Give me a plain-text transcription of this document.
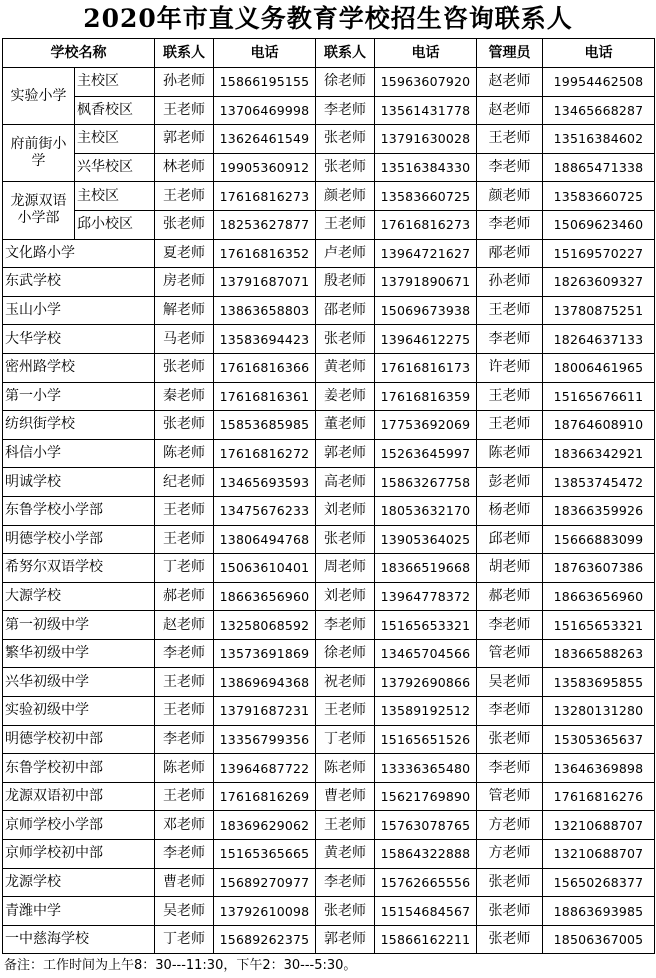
2020年市直义务教育学校招生咨询联系人
学校名称		联系人	电话	联系人	电话	管理员	电话
实验小学	主校区	孙老师	15866195155	徐老师	15963607920	赵老师	19954462508
	枫香校区	王老师	13706469998	李老师	13561431778	赵老师	13465668287
府前街小学	主校区	郭老师	13626461549	张老师	13791630028	王老师	13516384602
	兴华校区	林老师	19905360912	张老师	13516384330	李老师	18865471338
龙源双语小学部	主校区	王老师	17616816273	颜老师	13583660725	颜老师	13583660725
	邱小校区	张老师	18253627877	王老师	17616816273	李老师	15069623460
文化路小学		夏老师	17616816352	卢老师	13964721627	邴老师	15169570227
东武学校		房老师	13791687071	殷老师	13791890671	孙老师	18263609327
玉山小学		解老师	13863658803	邵老师	15069673938	王老师	13780875251
大华学校		马老师	13583694423	张老师	13964612275	李老师	18264637133
密州路学校		张老师	17616816366	黄老师	17616816173	许老师	18006461965
第一小学		秦老师	17616816361	姜老师	17616816359	王老师	15165676611
纺织街学校		张老师	15853685985	董老师	17753692069	王老师	18764608910
科信小学		陈老师	17616816272	郭老师	15263645997	陈老师	18366342921
明诚学校		纪老师	13465693593	高老师	15863267758	彭老师	13853745472
东鲁学校小学部		王老师	13475676233	刘老师	18053632170	杨老师	18366359926
明德学校小学部		王老师	13806494768	张老师	13905364025	邱老师	15666883099
希努尔双语学校		丁老师	15063610401	周老师	18366519668	胡老师	18763607386
大源学校		郝老师	18663656960	刘老师	13964778372	郝老师	18663656960
第一初级中学		赵老师	13258068592	李老师	15165653321	李老师	15165653321
繁华初级中学		李老师	13573691869	徐老师	13465704566	管老师	18366588263
兴华初级中学		王老师	13869694368	祝老师	13792690866	吴老师	13583695855
实验初级中学		王老师	13791687231	王老师	13589192512	李老师	13280131280
明德学校初中部		李老师	13356799356	丁老师	15165651526	张老师	15305365637
东鲁学校初中部		陈老师	13964687722	陈老师	13336365480	李老师	13646369898
龙源双语初中部		王老师	17616816269	曹老师	15621769890	管老师	17616816276
京师学校小学部		邓老师	18369629062	王老师	15763078765	方老师	13210688707
京师学校初中部		李老师	15165365665	黄老师	15864322888	方老师	13210688707
龙源学校		曹老师	15689270977	李老师	15762665556	张老师	15650268377
青潍中学		吴老师	13792610098	张老师	15154684567	张老师	18863693985
一中慈海学校		丁老师	15689262375	郭老师	15866162211	张老师	18506367005
备注：工作时间为上午8：30---11:30，下午2：30---5:30。
